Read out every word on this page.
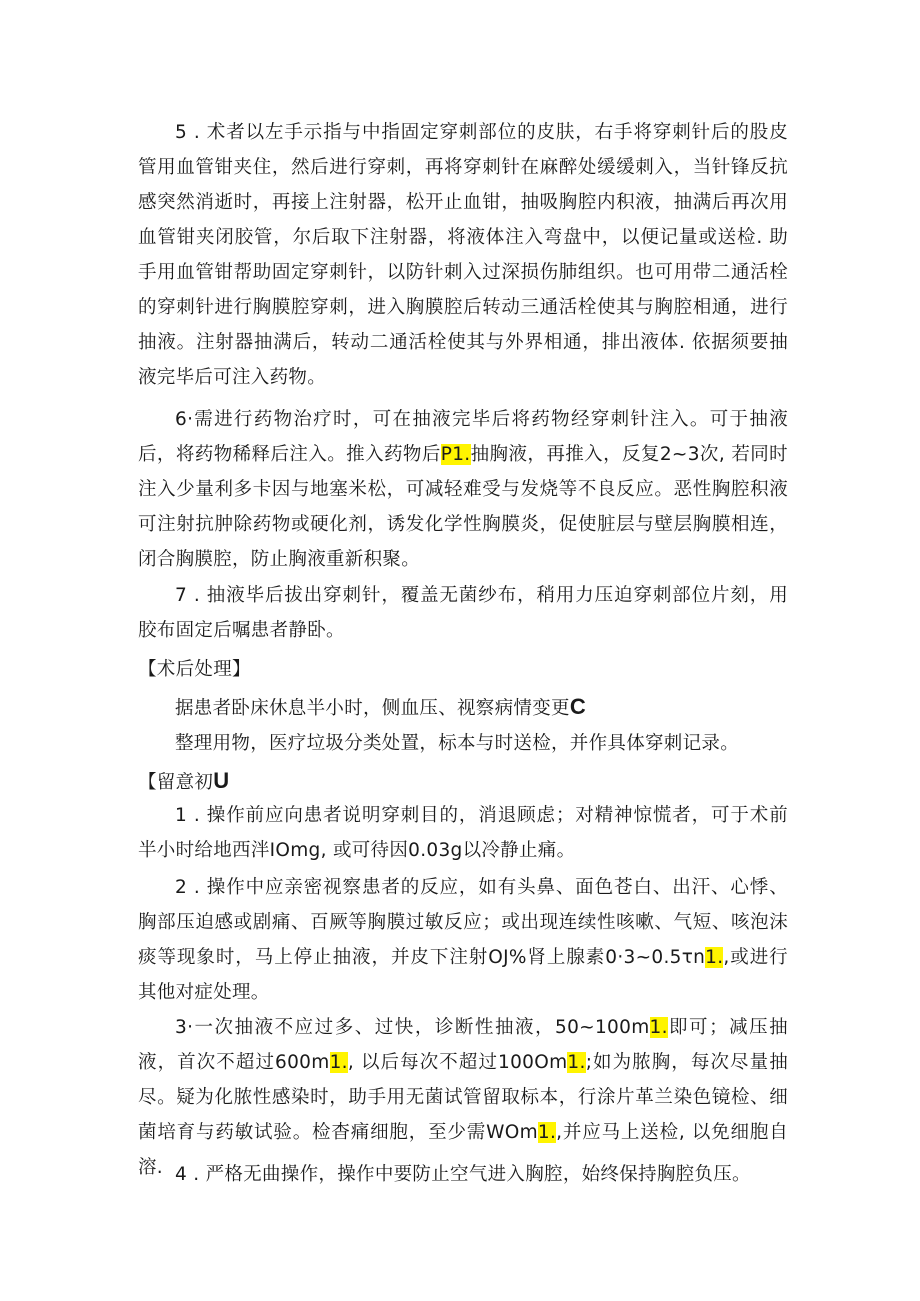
5 . 术者以左手示指与中指固定穿刺部位的皮肤，右手将穿刺针后的股皮管用血管钳夹住，然后进行穿刺，再将穿刺针在麻醉处缓缓刺入，当针锋反抗感突然消逝时，再接上注射器，松开止血钳，抽吸胸腔内积液，抽满后再次用血管钳夹闭胶管，尔后取下注射器，将液体注入弯盘中，以便记量或送检. 助手用血管钳帮助固定穿刺针，以防针刺入过深损伤肺组织。也可用带二通活栓的穿刺针进行胸膜腔穿刺，进入胸膜腔后转动三通活栓使其与胸腔相通，进行抽液。注射器抽满后，转动二通活栓使其与外界相通，排出液体. 依据须要抽液完毕后可注入药物。

6·需进行药物治疗时，可在抽液完毕后将药物经穿刺针注入。可于抽液后，将药物稀释后注入。推入药物后P1.抽胸液，再推入，反复2~3次, 若同时注入少量利多卡因与地塞米松，可减轻难受与发烧等不良反应。恶性胸腔积液可注射抗肿除药物或硬化剂，诱发化学性胸膜炎，促使脏层与壁层胸膜相连，闭合胸膜腔，防止胸液重新积聚。

7 . 抽液毕后拔出穿刺针，覆盖无菌纱布，稍用力压迫穿刺部位片刻，用胶布固定后嘱患者静卧。

【术后处理】
据患者卧床休息半小时，侧血压、视察病情变更C
整理用物，医疗垃圾分类处置，标本与时送检，并作具体穿刺记录。
【留意初U

1 . 操作前应向患者说明穿刺目的，消退顾虑；对精神惊慌者，可于术前半小时给地西泮IOmg, 或可待因0.03g以冷静止痛。

2 . 操作中应亲密视察患者的反应，如有头鼻、面色苍白、出汗、心悸、胸部压迫感或剧痛、百厥等胸膜过敏反应；或出现连续性咳嗽、气短、咳泡沫痰等现象时，马上停止抽液，并皮下注射OJ%肾上腺素0·3~0.5τn1.,或进行其他对症处理。

3·一次抽液不应过多、过快，诊断性抽液，50~100m1.即可；减压抽液，首次不超过600m1., 以后每次不超过100Om1.;如为脓胸，每次尽量抽尽。疑为化脓性感染时，助手用无菌试管留取标本，行涂片革兰染色镜检、细菌培育与药敏试验。检杳痛细胞，至少需WOm1.,并应马上送检, 以免细胞自溶. 4 . 严格无曲操作，操作中要防止空气进入胸腔，始终保持胸腔负压。
